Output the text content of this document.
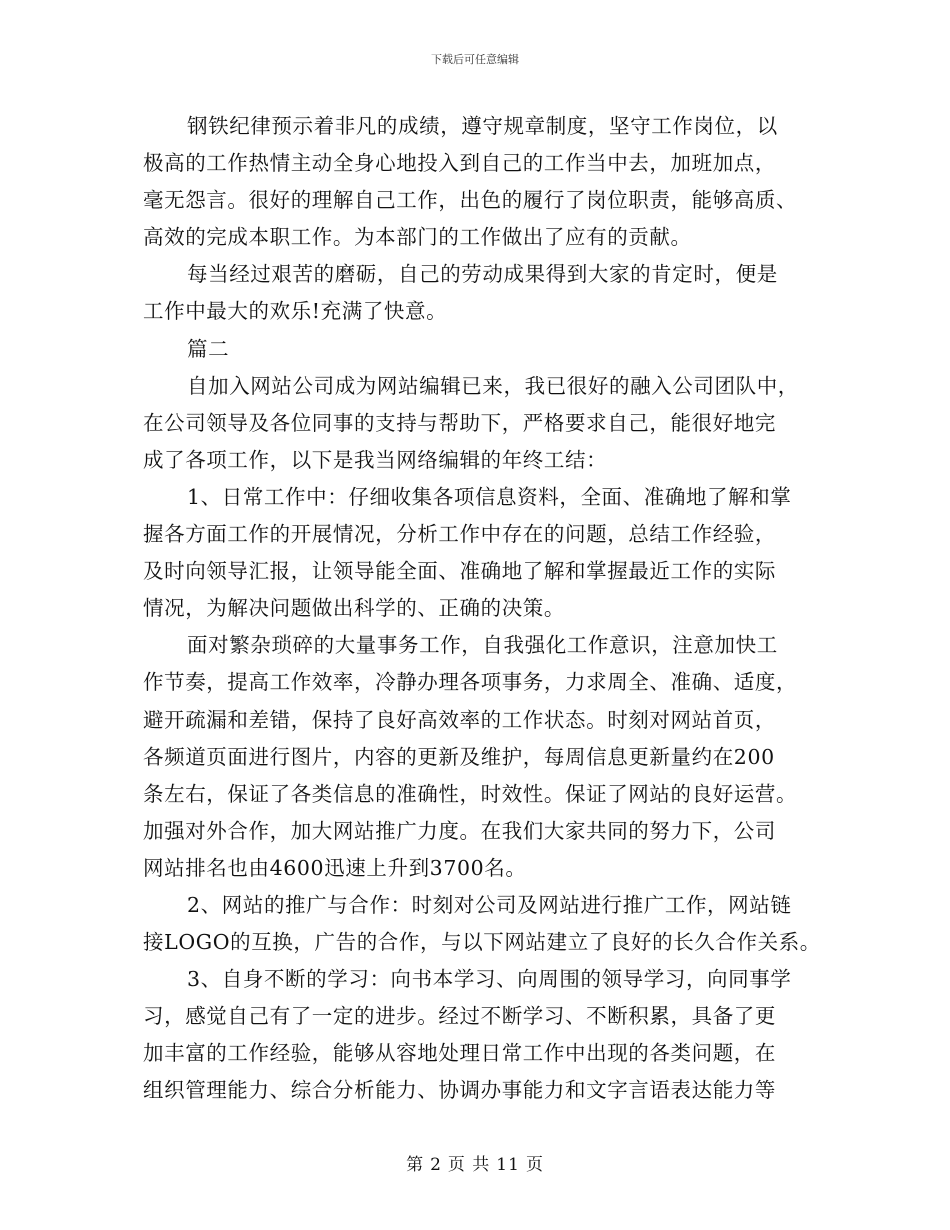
下载后可任意编辑
钢铁纪律预示着非凡的成绩，遵守规章制度，坚守工作岗位，以
极高的工作热情主动全身心地投入到自己的工作当中去，加班加点，
毫无怨言。很好的理解自己工作，出色的履行了岗位职责，能够高质、
高效的完成本职工作。为本部门的工作做出了应有的贡献。
每当经过艰苦的磨砺，自己的劳动成果得到大家的肯定时，便是
工作中最大的欢乐!充满了快意。
篇二
自加入网站公司成为网站编辑已来，我已很好的融入公司团队中，
在公司领导及各位同事的支持与帮助下，严格要求自己，能很好地完
成了各项工作，以下是我当网络编辑的年终工结：
1、日常工作中：仔细收集各项信息资料，全面、准确地了解和掌
握各方面工作的开展情况，分析工作中存在的问题，总结工作经验，
及时向领导汇报，让领导能全面、准确地了解和掌握最近工作的实际
情况，为解决问题做出科学的、正确的决策。
面对繁杂琐碎的大量事务工作，自我强化工作意识，注意加快工
作节奏，提高工作效率，冷静办理各项事务，力求周全、准确、适度，
避开疏漏和差错，保持了良好高效率的工作状态。时刻对网站首页，
各频道页面进行图片，内容的更新及维护，每周信息更新量约在200
条左右，保证了各类信息的准确性，时效性。保证了网站的良好运营。
加强对外合作，加大网站推广力度。在我们大家共同的努力下，公司
网站排名也由4600迅速上升到3700名。
2、网站的推广与合作：时刻对公司及网站进行推广工作，网站链
接LOGO的互换，广告的合作，与以下网站建立了良好的长久合作关系。
3、自身不断的学习：向书本学习、向周围的领导学习，向同事学
习，感觉自己有了一定的进步。经过不断学习、不断积累，具备了更
加丰富的工作经验，能够从容地处理日常工作中出现的各类问题，在
组织管理能力、综合分析能力、协调办事能力和文字言语表达能力等
第 2 页 共 11 页
